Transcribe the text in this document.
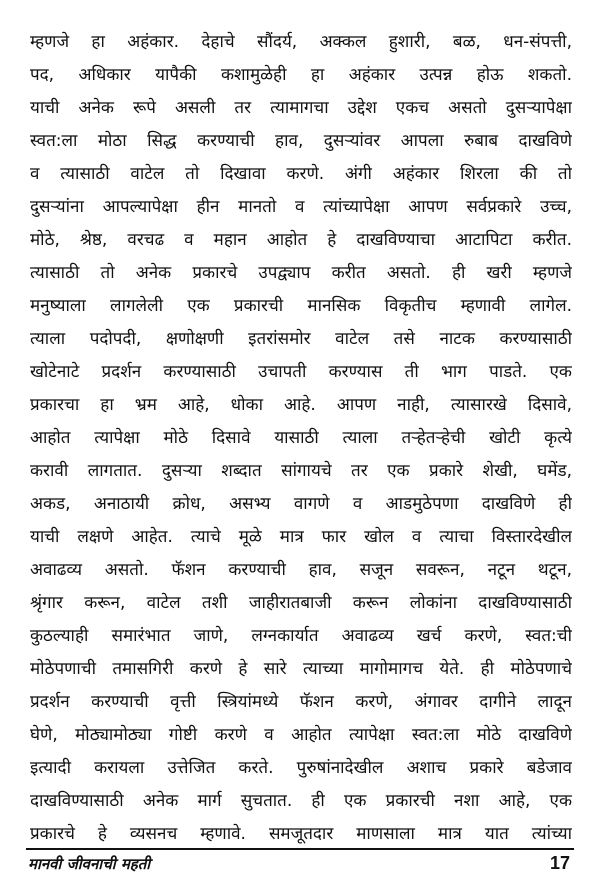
म्हणजे हा अहंकार. देहाचे सौंदर्य, अक्कल हुशारी, बळ, धन-संपत्ती,
पद, अधिकार यापैकी कशामुळेही हा अहंकार उत्पन्न होऊ शकतो.
याची अनेक रूपे असली तर त्यामागचा उद्देश एकच असतो दुसऱ्यापेक्षा
स्वत:ला मोठा सिद्ध करण्याची हाव, दुसऱ्यांवर आपला रुबाब दाखविणे
व त्यासाठी वाटेल तो दिखावा करणे. अंगी अहंकार शिरला की तो
दुसऱ्यांना आपल्यापेक्षा हीन मानतो व त्यांच्यापेक्षा आपण सर्वप्रकारे उच्च,
मोठे, श्रेष्ठ, वरचढ व महान आहोत हे दाखविण्याचा आटापिटा करीत.
त्यासाठी तो अनेक प्रकारचे उपद्व्याप करीत असतो. ही खरी म्हणजे
मनुष्याला लागलेली एक प्रकारची मानसिक विकृतीच म्हणावी लागेल.
त्याला पदोपदी, क्षणोक्षणी इतरांसमोर वाटेल तसे नाटक करण्यासाठी
खोटेनाटे प्रदर्शन करण्यासाठी उचापती करण्यास ती भाग पाडते. एक
प्रकारचा हा भ्रम आहे, धोका आहे. आपण नाही, त्यासारखे दिसावे,
आहोत त्यापेक्षा मोठे दिसावे यासाठी त्याला तऱ्हेतऱ्हेची खोटी कृत्ये
करावी लागतात. दुसऱ्या शब्दात सांगायचे तर एक प्रकारे शेखी, घमेंड,
अकड, अनाठायी क्रोध, असभ्य वागणे व आडमुठेपणा दाखविणे ही
याची लक्षणे आहेत. त्याचे मूळे मात्र फार खोल व त्याचा विस्तारदेखील
अवाढव्य असतो. फॅशन करण्याची हाव, सजून सवरून, नटून थटून,
श्रृंगार करून, वाटेल तशी जाहीरातबाजी करून लोकांना दाखविण्यासाठी
कुठल्याही समारंभात जाणे, लग्नकार्यात अवाढव्य खर्च करणे, स्वत:ची
मोठेपणाची तमासगिरी करणे हे सारे त्याच्या मागोमागच येते. ही मोठेपणाचे
प्रदर्शन करण्याची वृत्ती स्त्रियांमध्ये फॅशन करणे, अंगावर दागीने लादून
घेणे, मोठ्यामोठ्या गोष्टी करणे व आहोत त्यापेक्षा स्वत:ला मोठे दाखविणे
इत्यादी करायला उत्तेजित करते. पुरुषांनादेखील अशाच प्रकारे बडेजाव
दाखविण्यासाठी अनेक मार्ग सुचतात. ही एक प्रकारची नशा आहे, एक
प्रकारचे हे व्यसनच म्हणावे. समजूतदार माणसाला मात्र यात त्यांच्या
मानवी जीवनाची महती	17
